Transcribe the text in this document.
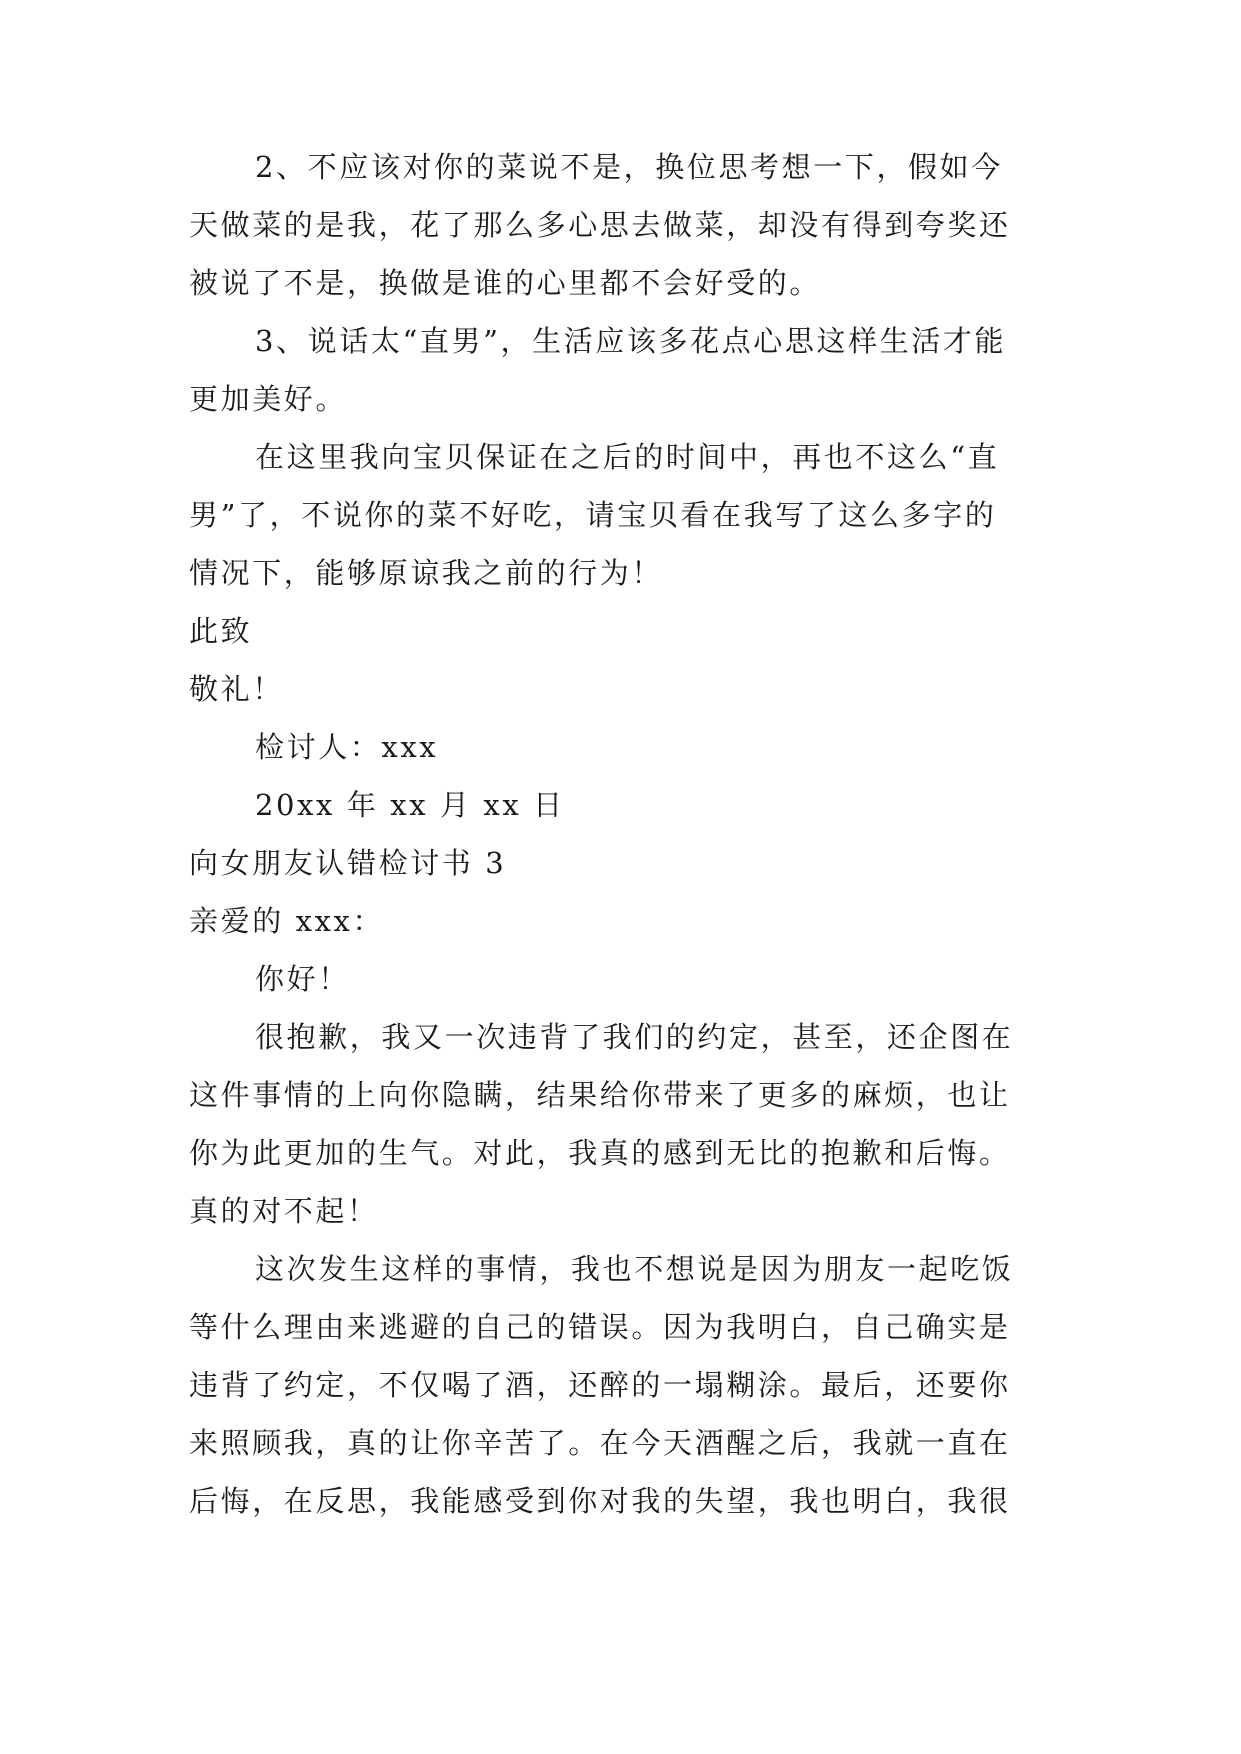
2、不应该对你的菜说不是，换位思考想一下，假如今
天做菜的是我，花了那么多心思去做菜，却没有得到夸奖还
被说了不是，换做是谁的心里都不会好受的。
3、说话太“直男”，生活应该多花点心思这样生活才能
更加美好。
在这里我向宝贝保证在之后的时间中，再也不这么“直
男”了，不说你的菜不好吃，请宝贝看在我写了这么多字的
情况下，能够原谅我之前的行为！
此致
敬礼！
检讨人：xxx
20xx 年 xx 月 xx 日
向女朋友认错检讨书 3
亲爱的 xxx：
你好！
很抱歉，我又一次违背了我们的约定，甚至，还企图在
这件事情的上向你隐瞒，结果给你带来了更多的麻烦，也让
你为此更加的生气。对此，我真的感到无比的抱歉和后悔。
真的对不起！
这次发生这样的事情，我也不想说是因为朋友一起吃饭
等什么理由来逃避的自己的错误。因为我明白，自己确实是
违背了约定，不仅喝了酒，还醉的一塌糊涂。最后，还要你
来照顾我，真的让你辛苦了。在今天酒醒之后，我就一直在
后悔，在反思，我能感受到你对我的失望，我也明白，我很
